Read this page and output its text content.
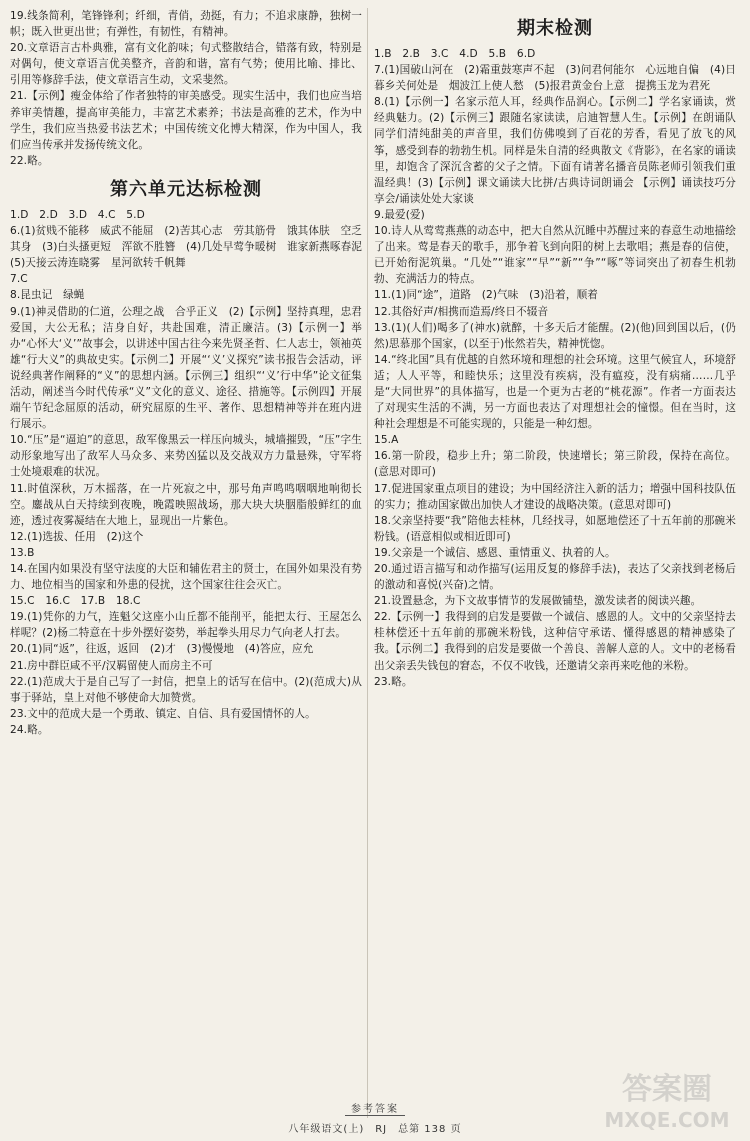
19.线条简利，笔锋锋利；纤细，青俏，劲挺，有力；不追求康静，独树一帜；既入世更出世；有弹性，有韧性，有精神。

20.文章语言古朴典雅，富有文化韵味；句式整散结合，错落有致，特别是对偶句，使文章语言优美整齐，音韵和谐，富有气势；使用比喻、排比、引用等修辞手法，使文章语言生动，文采斐然。

21.【示例】瘦金体给了作者独特的审美感受。现实生活中，我们也应当培养审美情趣，提高审美能力，丰富艺术素养；书法是高雅的艺术，作为中学生，我们应当热爱书法艺术；中国传统文化博大精深，作为中国人，我们应当传承并发扬传统文化。

22.略。

第六单元达标检测

1.D　2.D　3.D　4.C　5.D

6.(1)贫贱不能移　威武不能屈　(2)苦其心志　劳其筋骨　饿其体肤　空乏其身　(3)白头搔更短　浑欲不胜簪　(4)几处早莺争暖树　谁家新燕啄春泥　(5)天接云涛连晓雾　星河欲转千帆舞

7.C

8.昆虫记　绿蝇

9.(1)神灵借助的仁道，公理之战　合乎正义　(2)【示例】坚持真理，忠君爱国，大公无私；洁身自好，共赴国难，清正廉洁。(3)【示例一】举办“心怀大‘义’”故事会，以讲述中国古往今来先贤圣哲、仁人志士，领袖英雄“行大义”的典故史实。【示例二】开展“‘义’义探究”读书报告会活动，评说经典著作阐释的“义”的思想内涵。【示例三】组织“‘义’行中华”论文征集活动，阐述当今时代传承“义”文化的意义、途径、措施等。【示例四】开展端午节纪念屈原的活动，研究屈原的生平、著作、思想精神等并在班内进行展示。

10.“压”是“逼迫”的意思，敌军像黑云一样压向城头，城墙摧毁，“压”字生动形象地写出了敌军人马众多、来势凶猛以及交战双方力量悬殊，守军将士处境艰难的状况。

11.时值深秋，万木摇落，在一片死寂之中，那号角声鸣鸣咽咽地响彻长空。鏖战从白天持续到夜晚，晚霞映照战场，那大块大块胭脂般鲜红的血迹，透过夜雾凝结在大地上，显现出一片紫色。

12.(1)选拔、任用　(2)这个

13.B

14.在国内如果没有坚守法度的大臣和辅佐君主的贤士，在国外如果没有势力、地位相当的国家和外患的侵扰，这个国家往往会灭亡。

15.C　16.C　17.B　18.C

19.(1)凭你的力气，连魁父这座小山丘都不能削平，能把太行、王屋怎么样呢？(2)杨二特意在十步外摆好姿势，举起拳头用尽力气向老人打去。

20.(1)同“返”，往返，返回　(2)才　(3)慢慢地　(4)答应，应允

21.房中群臣咸不平/汉羁留使人而房主不可

22.(1)范成大于是自己写了一封信，把皇上的话写在信中。(2)(范成大)从事于驿站，皇上对他不够使命大加赞赏。

23.文中的范成大是一个勇敢、镇定、自信、具有爱国情怀的人。

24.略。

期末检测

1.B　2.B　3.C　4.D　5.B　6.D

7.(1)国破山河在　(2)霜重鼓寒声不起　(3)问君何能尔　心远地自偏　(4)日暮乡关何处是　烟波江上使人愁　(5)报君黄金台上意　提携玉龙为君死

8.(1)【示例一】名家示范人耳，经典作品润心。【示例二】学名家诵读，赏经典魅力。(2)【示例三】跟随名家读读，启迪智慧人生。【示例】在朗诵队同学们清纯甜美的声音里，我们仿佛嗅到了百花的芳香，看见了放飞的风筝，感受到春的勃勃生机。同样是朱自清的经典散文《背影》，在名家的诵读里，却饱含了深沉含蓄的父子之情。下面有请著名播音员陈老师引领我们重温经典！(3)【示例】课文诵读大比拼/古典诗词朗诵会 【示例】诵读技巧分享会/诵读处处大家谈

9.最爱(爱)

10.诗人从莺莺燕燕的动态中，把大自然从沉睡中苏醒过来的春意生动地描绘了出来。莺是春天的歌手，那争着飞到向阳的树上去歌唱；燕是春的信使，已开始衔泥筑巢。“几处”“谁家”“早”“新”“争”“啄”等词突出了初春生机勃勃、充满活力的特点。

11.(1)同“途”，道路　(2)气味　(3)沿着，顺着

12.其俗好声/相携而造焉/终日不辍音

13.(1)(人们)喝多了(神水)就醉，十多天后才能醒。(2)(他)回到国以后，(仍然)思慕那个国家，(以至于)怅然若失，精神恍惚。

14.“终北国”具有优越的自然环境和理想的社会环境。这里气候宜人，环境舒适；人人平等，和睦快乐；这里没有疾病，没有瘟疫，没有病痛……几乎是“大同世界”的具体描写，也是一个更为古老的“桃花源”。作者一方面表达了对现实生活的不满，另一方面也表达了对理想社会的憧憬。但在当时，这种社会理想是不可能实现的，只能是一种幻想。

15.A

16.第一阶段，稳步上升；第二阶段，快速增长；第三阶段，保持在高位。(意思对即可)

17.促进国家重点项目的建设；为中国经济注入新的活力；增强中国科技队伍的实力；推动国家做出加快人才建设的战略决策。(意思对即可)

18.父亲坚持要“我”陪他去桂林，几经找寻，如愿地偿还了十五年前的那碗米粉钱。(语意相似或相近即可)

19.父亲是一个诚信、感恩、重情重义、执着的人。

20.通过语言描写和动作描写(运用反复的修辞手法)，表达了父亲找到老杨后的激动和喜悦(兴奋)之情。

21.设置悬念，为下文故事情节的发展做铺垫，激发读者的阅读兴趣。

22.【示例一】我得到的启发是要做一个诚信、感恩的人。文中的父亲坚持去桂林偿还十五年前的那碗米粉钱，这种信守承诺、懂得感恩的精神感染了我。【示例二】我得到的启发是要做一个善良、善解人意的人。文中的老杨看出父亲丢失钱包的窘态，不仅不收钱，还邀请父亲再来吃他的米粉。

23.略。

参考答案
八年级语文(上)　RJ　总第 138 页
答案圈
MXQE.COM
